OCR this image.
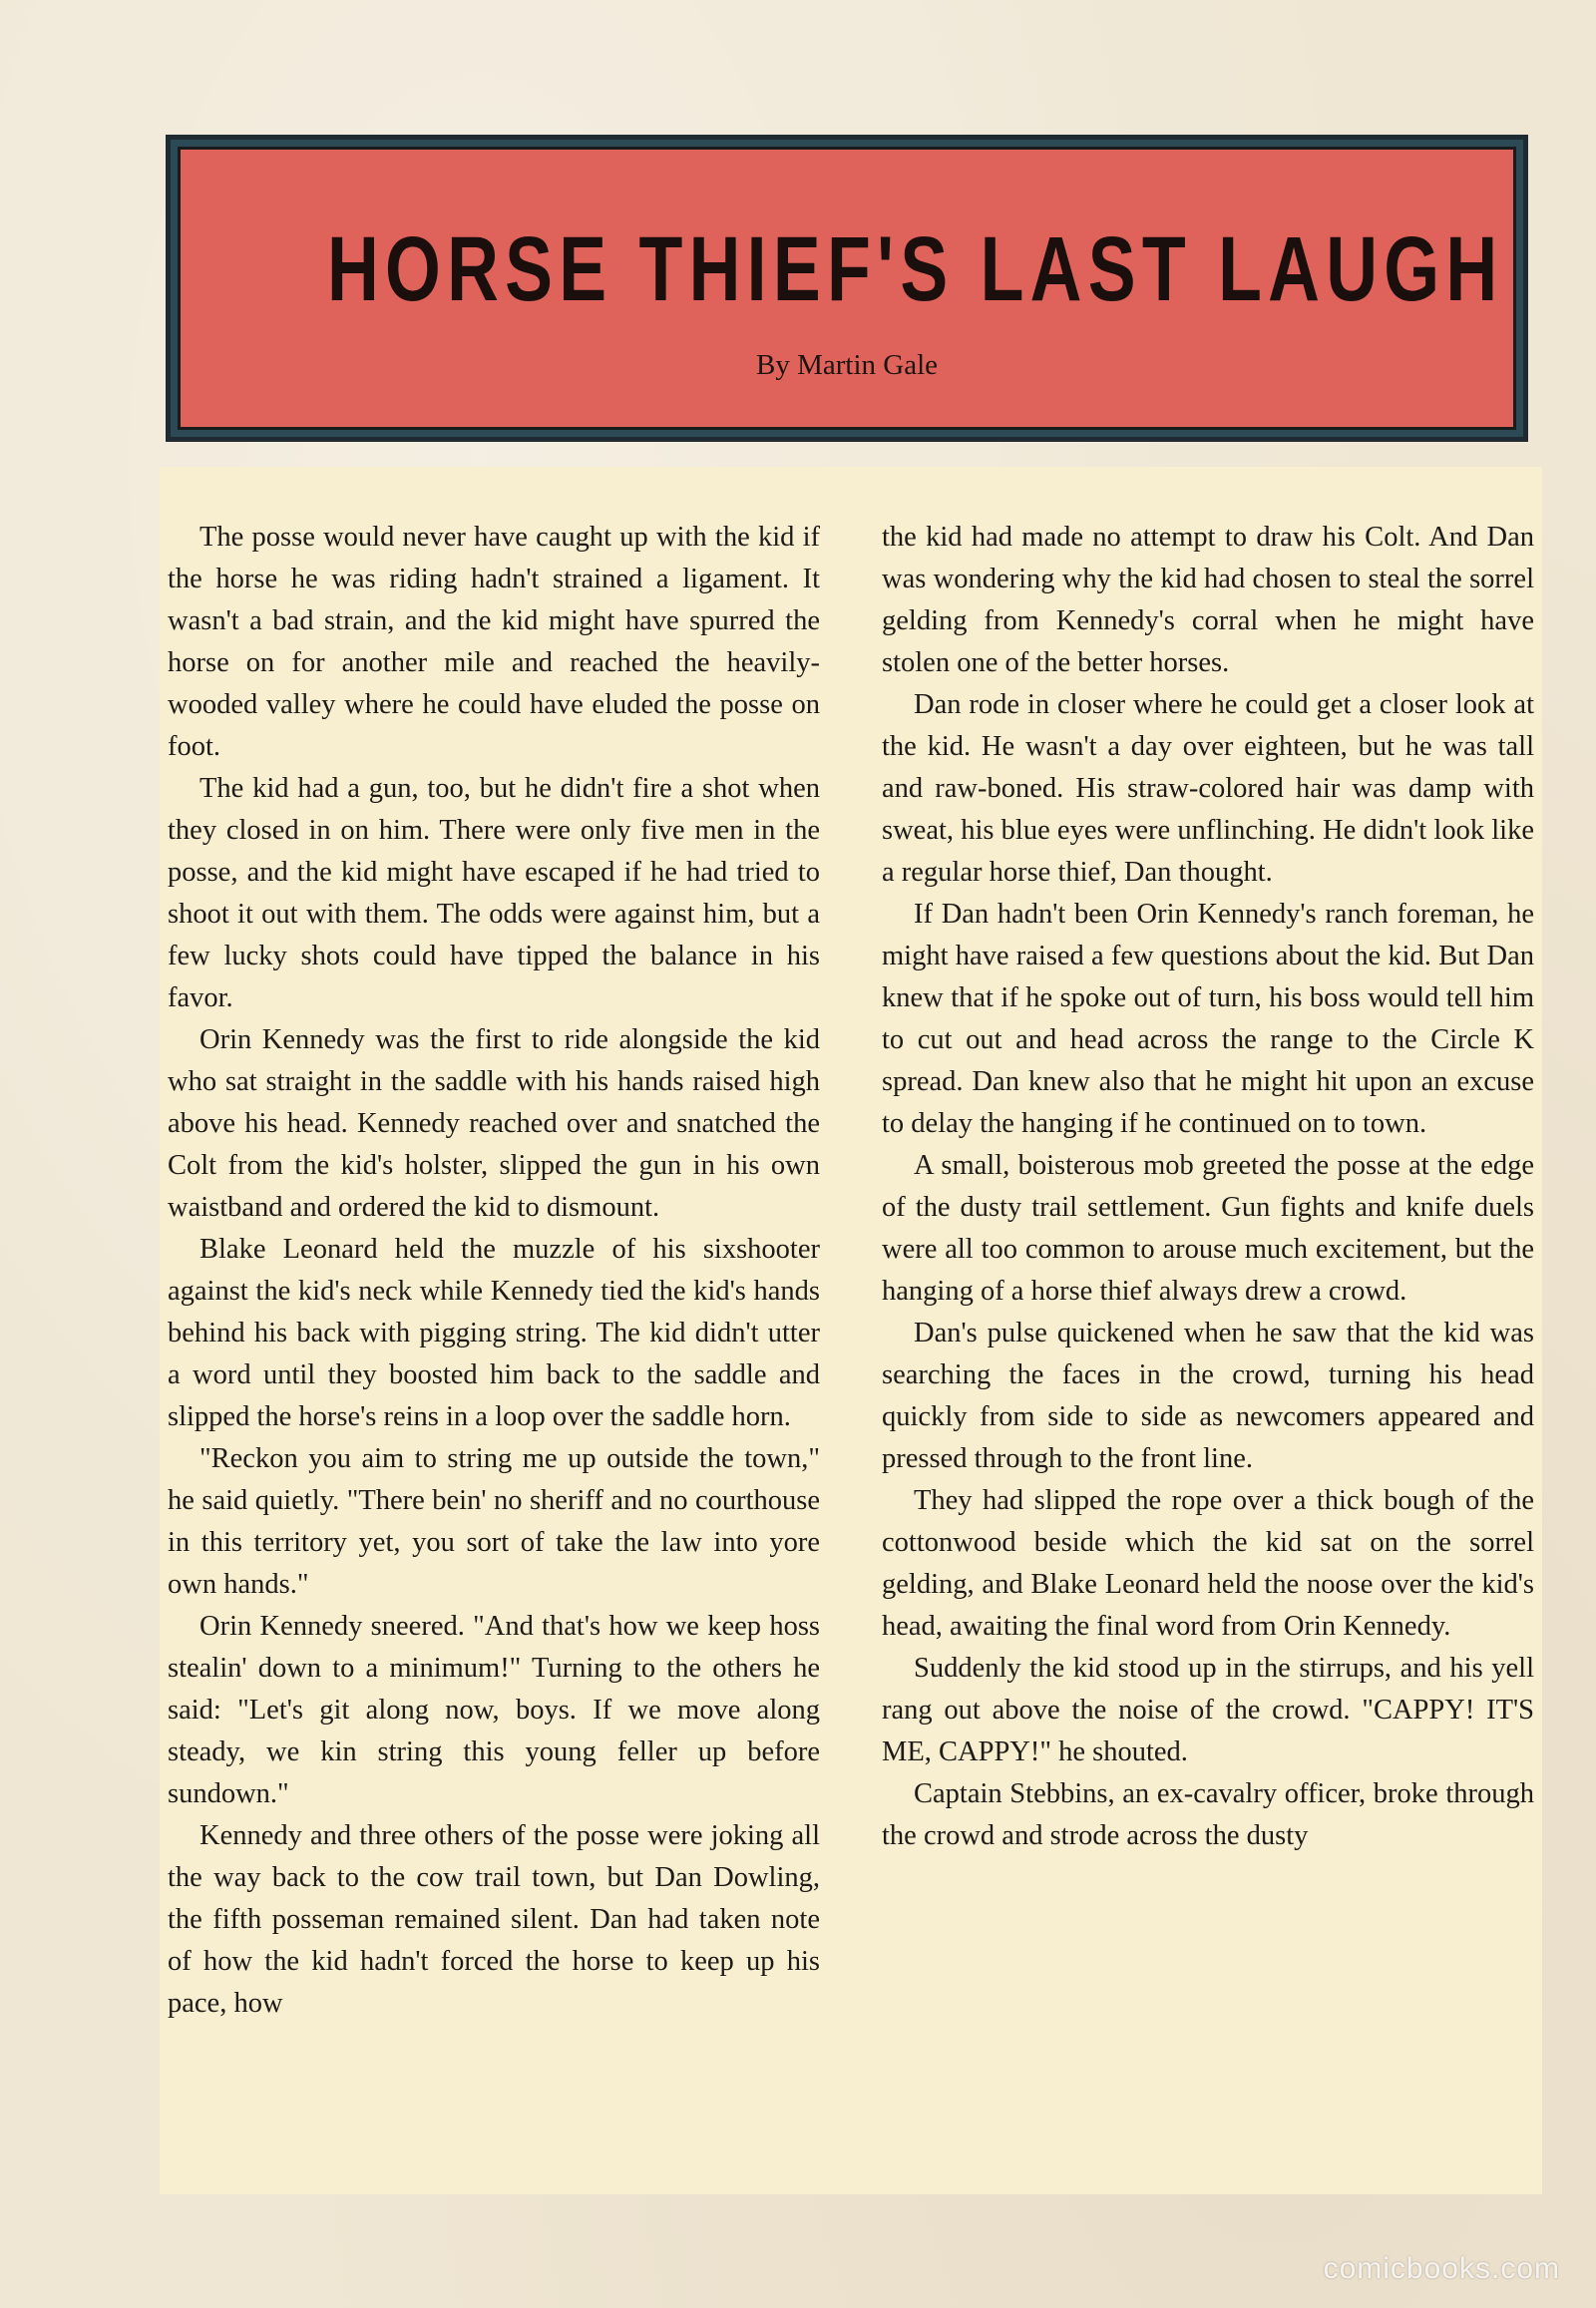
HORSE THIEF'S LAST LAUGH
By Martin Gale

The posse would never have caught up with the kid if the horse he was riding hadn't strained a ligament. It wasn't a bad strain, and the kid might have spurred the horse on for another mile and reached the heavily-wooded valley where he could have eluded the posse on foot.

The kid had a gun, too, but he didn't fire a shot when they closed in on him. There were only five men in the posse, and the kid might have escaped if he had tried to shoot it out with them. The odds were against him, but a few lucky shots could have tipped the balance in his favor.

Orin Kennedy was the first to ride alongside the kid who sat straight in the saddle with his hands raised high above his head. Kennedy reached over and snatched the Colt from the kid's holster, slipped the gun in his own waistband and ordered the kid to dismount.

Blake Leonard held the muzzle of his sixshooter against the kid's neck while Kennedy tied the kid's hands behind his back with pigging string. The kid didn't utter a word until they boosted him back to the saddle and slipped the horse's reins in a loop over the saddle horn.

"Reckon you aim to string me up outside the town," he said quietly. "There bein' no sheriff and no courthouse in this territory yet, you sort of take the law into yore own hands."

Orin Kennedy sneered. "And that's how we keep hoss stealin' down to a minimum!" Turning to the others he said: "Let's git along now, boys. If we move along steady, we kin string this young feller up before sundown."

Kennedy and three others of the posse were joking all the way back to the cow trail town, but Dan Dowling, the fifth posseman remained silent. Dan had taken note of how the kid hadn't forced the horse to keep up his pace, how

the kid had made no attempt to draw his Colt. And Dan was wondering why the kid had chosen to steal the sorrel gelding from Kennedy's corral when he might have stolen one of the better horses.

Dan rode in closer where he could get a closer look at the kid. He wasn't a day over eighteen, but he was tall and raw-boned. His straw-colored hair was damp with sweat, his blue eyes were unflinching. He didn't look like a regular horse thief, Dan thought.

If Dan hadn't been Orin Kennedy's ranch foreman, he might have raised a few questions about the kid. But Dan knew that if he spoke out of turn, his boss would tell him to cut out and head across the range to the Circle K spread. Dan knew also that he might hit upon an excuse to delay the hanging if he continued on to town.

A small, boisterous mob greeted the posse at the edge of the dusty trail settlement. Gun fights and knife duels were all too common to arouse much excitement, but the hanging of a horse thief always drew a crowd.

Dan's pulse quickened when he saw that the kid was searching the faces in the crowd, turning his head quickly from side to side as newcomers appeared and pressed through to the front line.

They had slipped the rope over a thick bough of the cottonwood beside which the kid sat on the sorrel gelding, and Blake Leonard held the noose over the kid's head, awaiting the final word from Orin Kennedy.

Suddenly the kid stood up in the stirrups, and his yell rang out above the noise of the crowd. "CAPPY! IT'S ME, CAPPY!" he shouted.

Captain Stebbins, an ex-cavalry officer, broke through the crowd and strode across the dusty

comicbooks.com
